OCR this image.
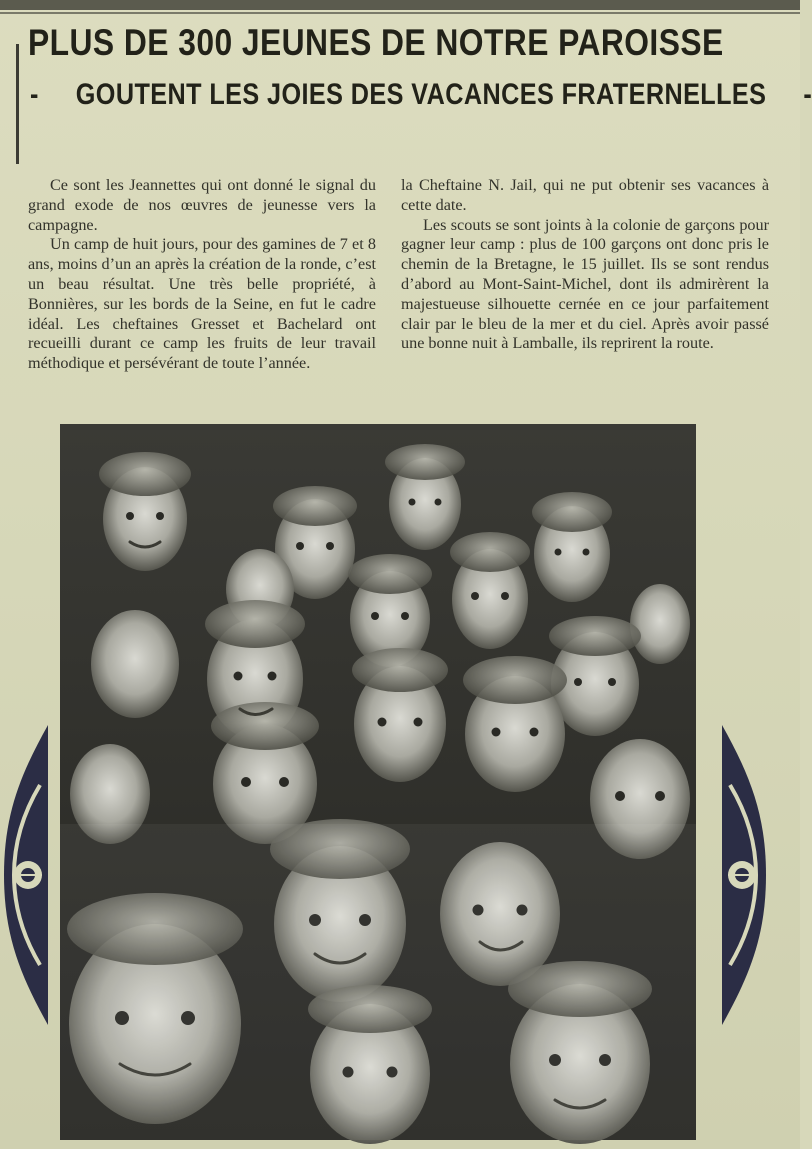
PLUS DE 300 JEUNES DE NOTRE PAROISSE
- GOUTENT LES JOIES DES VACANCES FRATERNELLES -

Ce sont les Jeannettes qui ont donné le signal du grand exode de nos œuvres de jeunesse vers la campagne.

Un camp de huit jours, pour des gamines de 7 et 8 ans, moins d’un an après la création de la ronde, c’est un beau résultat. Une très belle propriété, à Bonnières, sur les bords de la Seine, en fut le cadre idéal. Les cheftaines Gresset et Bachelard ont recueilli durant ce camp les fruits de leur travail méthodique et persévérant de toute l’année.

la Cheftaine N. Jail, qui ne put obtenir ses vacances à cette date.

Les scouts se sont joints à la colonie de garçons pour gagner leur camp : plus de 100 garçons ont donc pris le chemin de la Bretagne, le 15 juillet. Ils se sont rendus d’abord au Mont-Saint-Michel, dont ils admirèrent la majestueuse silhouette cernée en ce jour parfaitement clair par le bleu de la mer et du ciel. Après avoir passé une bonne nuit à Lamballe, ils reprirent la route.
